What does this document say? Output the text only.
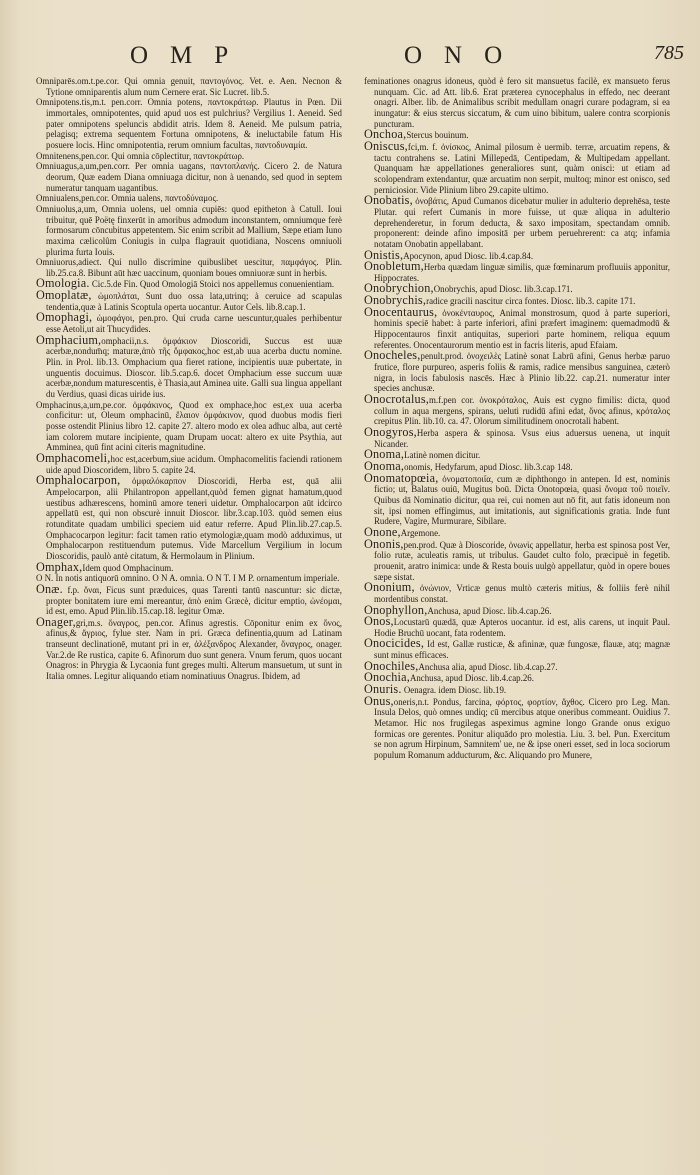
OMP	ONO	785

Omniparēs.om.t.pe.cor. Qui omnia genuit, παντογόνος. Vet. e. Aen. Necnon & Tytione omniparentis alum num Cernere erat. Sic Lucret. lib.5.

Omnipotens.tis,m.t. pen.corr. Omnia potens, παντοκράτωρ. Plautus in Pœn. Dii immortales, omnipotentes, quid apud uos est pulchrius? Vergilius 1. Aeneid. Sed pater omnipotens speluncis abdidit atris. Idem 8. Aeneid. Me pulsum patria, pelagisq; extrema sequentem Fortuna omnipotens, & ineluctabile fatum His posuere locis. Hinc omnipotentia, rerum omnium facultas, παντοδυναμία.

Omnitenens,pen.cor. Qui omnia cōplectitur, παντοκράτωρ.

Omniuagus,a,um,pen.corr. Per omnia uagans, παντοπλανής. Cicero 2. de Natura deorum, Quæ eadem Diana omniuaga dicitur, non à uenando, sed quod in septem numeratur tanquam uagantibus.

Omniualens,pen.cor. Omnia ualens, παντοδύναμος.

Omniuolus,a,um, Omnia uolens, uel omnia cupiēs: quod epitheton à Catull. Ioui tribuitur, quē Poëtę finxerūt in amoribus admodum inconstantem, omniumque ferè formosarum cōncubitus appetentem. Sic enim scribit ad Mallium, Sæpe etiam Iuno maxima cælicolûm Coniugis in culpa flagrauit quotidiana, Noscens omniuoli plurima furta Iouis.

Omniuorus,adiect. Qui nullo discrimine quibuslibet uescitur, παμφάγος. Plin. lib.25.ca.8. Bibunt aūt hæc uaccinum, quoniam boues omniuoræ sunt in herbis.

Omologia. Cic.5.de Fin. Quod Omologiā Stoici nos appellemus conuenientiam.

Omoplatæ, ὠμοπλάται, Sunt duo ossa lata,utrinq; à ceruice ad scapulas tendentia,quæ à Latinis Scoptula operta uocantur. Autor Cels. lib.8.cap.1.

Omophagi, ὠμοφάγοι, pen.pro. Qui cruda carne uescuntur,quales perhibentur esse Aetoli,ut ait Thucydides.

Omphacium,omphacii,n.s. ὀμφάκιον Dioscoridi, Succus est uuæ acerbæ,nondum̄q; maturæ,ἀπὸ τῆς ὄμφακος,hoc est,ab uua acerba ductu nomine. Plin. in Prol. lib.13. Omphacium qua fieret ratione, incipientis uuæ pubertate, in unguentis docuimus. Dioscor. lib.5.cap.6. docet Omphacium esse succum uuæ acerbæ,nondum maturescentis, è Thasia,aut Aminea uite. Galli sua lingua appellant du Verdius, quasi dicas uiride ius.

Omphacinus,a,um,pe.cor. ὀμφάκινος, Quod ex omphace,hoc est,ex uua acerba conficitur: ut, Oleum omphacinū, ἔλαιον ὀμφάκινον, quod duobus modis fieri posse ostendit Plinius libro 12. capite 27. altero modo ex olea adhuc alba, aut certè iam colorem mutare incipiente, quam Drupam uocat: altero ex uite Psythia, aut Amminea, quū fint acini citeris magnitudine.

Omphacomeli,hoc est,acerbum,siue acidum. Omphacomelitis faciendi rationem uide apud Dioscoridem, libro 5. capite 24.

Omphalocarpon, ὀμφαλόκαρπον Dioscoridi, Herba est, quā alii Ampelocarpon, alii Philantropon appellant,quòd femen gignat hamatum,quod uestibus adhærescens, hominū amore teneri uidetur. Omphalocarpon aūt idcirco appellatū est, qui non obscurè innuit Dioscor. libr.3.cap.103. quòd semen eius rotunditate quadam umbilici speciem uid eatur referre. Apud Plin.lib.27.cap.5. Omphacocarpon legitur: facit tamen ratio etymologiæ,quam modò adduximus, ut Omphalocarpon restituendum putemus. Vide Marcellum Vergilium in locum Dioscoridis, paulò antè citatum, & Hermolaum in Plinium.

Omphax,Idem quod Omphacinum.

O N. In notis antiquorū omnino. O N A. omnia. O N T. I M P. ornamentum imperiale.

Onæ. f.p. ὄναι, Ficus sunt præduices, quas Tarenti tantū nascuntur: sic dictæ, propter bonitatem iure emi mereantur, ἀπὸ enim Græcè, dicitur emptio, ὠνέομαι, id est, emo. Apud Plin.lib.15.cap.18. legitur Omæ.

Onager,gri,m.s. ὄναγρος, pen.cor. Afinus agrestis. Cōponitur enim ex ὄνος, afinus,& ἄγριος, fylue ster. Nam in pri. Græca definentia,quum ad Latinam transeunt declinationē, mutant pri in er, ἀλέξανδρος Alexander, ὄναγρος, onager. Var.2.de Re rustica, capite 6. Afinorum duo sunt genera. Vnum ferum, quos uocant Onagros: in Phrygia & Lycaonia funt greges multi. Alterum mansuetum, ut sunt in Italia omnes. Legitur aliquando etiam nominatiuus Onagrus. Ibidem, ad

feminationes onagrus idoneus, quòd è fero sit mansuetus facilè, ex mansueto ferus nunquam. Cic. ad Att. lib.6. Erat præterea cynocephalus in effedo, nec deerant onagri. Alber. lib. de Animalibus scribit medullam onagri curare podagram, si ea inungatur: & eius stercus siccatum, & cum uino bibitum, ualere contra scorpionis puncturam.

Onchoa,Stercus bouinum.

Oniscus,fci,m. f. ὀνίσκος, Animal pilosum è uermib. terræ, arcuatim repens, & tactu contrahens se. Latini Millepedā, Centipedam, & Multipedam appellant. Quanquam hæ appellationes generaliores sunt, quàm onisci: ut etiam ad scolopendram extendantur, quæ arcuatim non serpit, multoq; minor est onisco, sed perniciosior. Vide Plinium libro 29.capite ultimo.

Onobatis, ὀνοβάτις, Apud Cumanos dicebatur mulier in adulterio deprehēsa, teste Plutar. qui refert Cumanis in more fuisse, ut quæ aliqua in adulterio deprehenderetur, in forum deducta, & saxo impositam, spectandam omnib. proponerent: deinde afino impositā per urbem peruehrerent: ca atq; infamia notatam Onobatin appellabant.

Onistis,Apocynon, apud Diosc. lib.4.cap.84.

Onobletum,Herba quædam linguæ similis, quæ fœminarum profluuiis apponitur, Hippocrates.

Onobrychion,Onobrychis, apud Diosc. lib.3.cap.171.

Onobrychis,radice gracili nascitur circa fontes. Diosc. lib.3. capite 171.

Onocentaurus, ὀνοκένταυρος, Animal monstrosum, quod à parte superiori, hominis speciē habet: à parte inferiori, afini præfert imaginem: quemadmodū & Hippocentauros finxit antiquitas, superiori parte hominem, reliqua equum referentes. Onocentaurorum mentio est in facris literis, apud Efaiam.

Onocheles,penult.prod. ὀνοχειλὲς Latinè sonat Labrū afini, Genus herbæ paruo frutice, flore purpureo, asperis foliis & ramis, radice mensibus sanguinea, cæterò nigra, in locis fabulosis nascēs. Hæc à Plinio lib.22. cap.21. numeratur inter species anchusæ.

Onocrotalus,m.f.pen cor. ὀνοκρόταλος, Auis est cygno fimilis: dicta, quod collum in aqua mergens, spirans, ueluti rudidū afini edat, ὄνος afinus, κρόταλος crepitus Plin. lib.10. ca. 47. Olorum similitudinem onocrotali habent.

Onogyros,Herba aspera & spinosa. Vsus eius aduersus uenena, ut inquit Nicander.

Onoma,Latinè nomen dicitur.

Onoma,onomis, Hedyfarum, apud Diosc. lib.3.cap 148.

Onomatopœia, ὀνοματοποιΐα, cum æ diphthongo in antepen. Id est, nominis fictio; ut, Balatus ouiū, Mugitus boū. Dicta Onotopœia, quasi ὄνομα τοῦ ποιεῖν. Quibus dā Nominatio dicitur, qua rei, cui nomen aut nō fit, aut fatis idoneum non sit, ipsi nomen effingimus, aut imitationis, aut significationis gratia. Inde funt Rudere, Vagire, Murmurare, Sibilare.

Onone,Argemone.

Ononis,pen.prod. Quæ à Dioscoride, ὀνωνὶς appellatur, herba est spinosa post Ver, folio rutæ, aculeatis ramis, ut tribulus. Gaudet culto folo, præcipuè in fegetib. prouenit, aratro inimica: unde & Resta bouis uulgò appellatur, quòd in opere boues sæpe sistat.

Ononium, ὀνώνιον, Vrticæ genus multò cæteris mitius, & folliis ferè nihil mordentibus constat.

Onophyllon,Anchusa, apud Diosc. lib.4.cap.26.

Onos,Locustarū quædā, quæ Apteros uocantur. id est, alis carens, ut inquit Paul. Hodie Bruchū uocant, fata rodentem.

Onocicides, Id est, Gallæ rusticæ, & afininæ, quæ fungosæ, flauæ, atq; magnæ sunt minus efficaces.

Onochiles,Anchusa alia, apud Diosc. lib.4.cap.27.

Onochia,Anchusa, apud Diosc. lib.4.cap.26.

Onuris. Oenagra. idem Diosc. lib.19.

Onus,oneris,n.t. Pondus, farcina, φόρτος, φορτίον, ἄχθος. Cicero pro Leg. Man. Insula Delos, quò omnes undiq; cū mercibus atque oneribus commeant. Ouidius 7. Metamor. Hic nos frugilegas aspeximus agmine longo Grande onus exiguo formicas ore gerentes. Ponitur aliquādo pro molestia. Liu. 3. bel. Pun. Exercitum se non agrum Hirpinum, Samnitem' ue, ne & ipse oneri esset, sed in loca sociorum populum Romanum adducturum, &c. Aliquando pro Munere,
